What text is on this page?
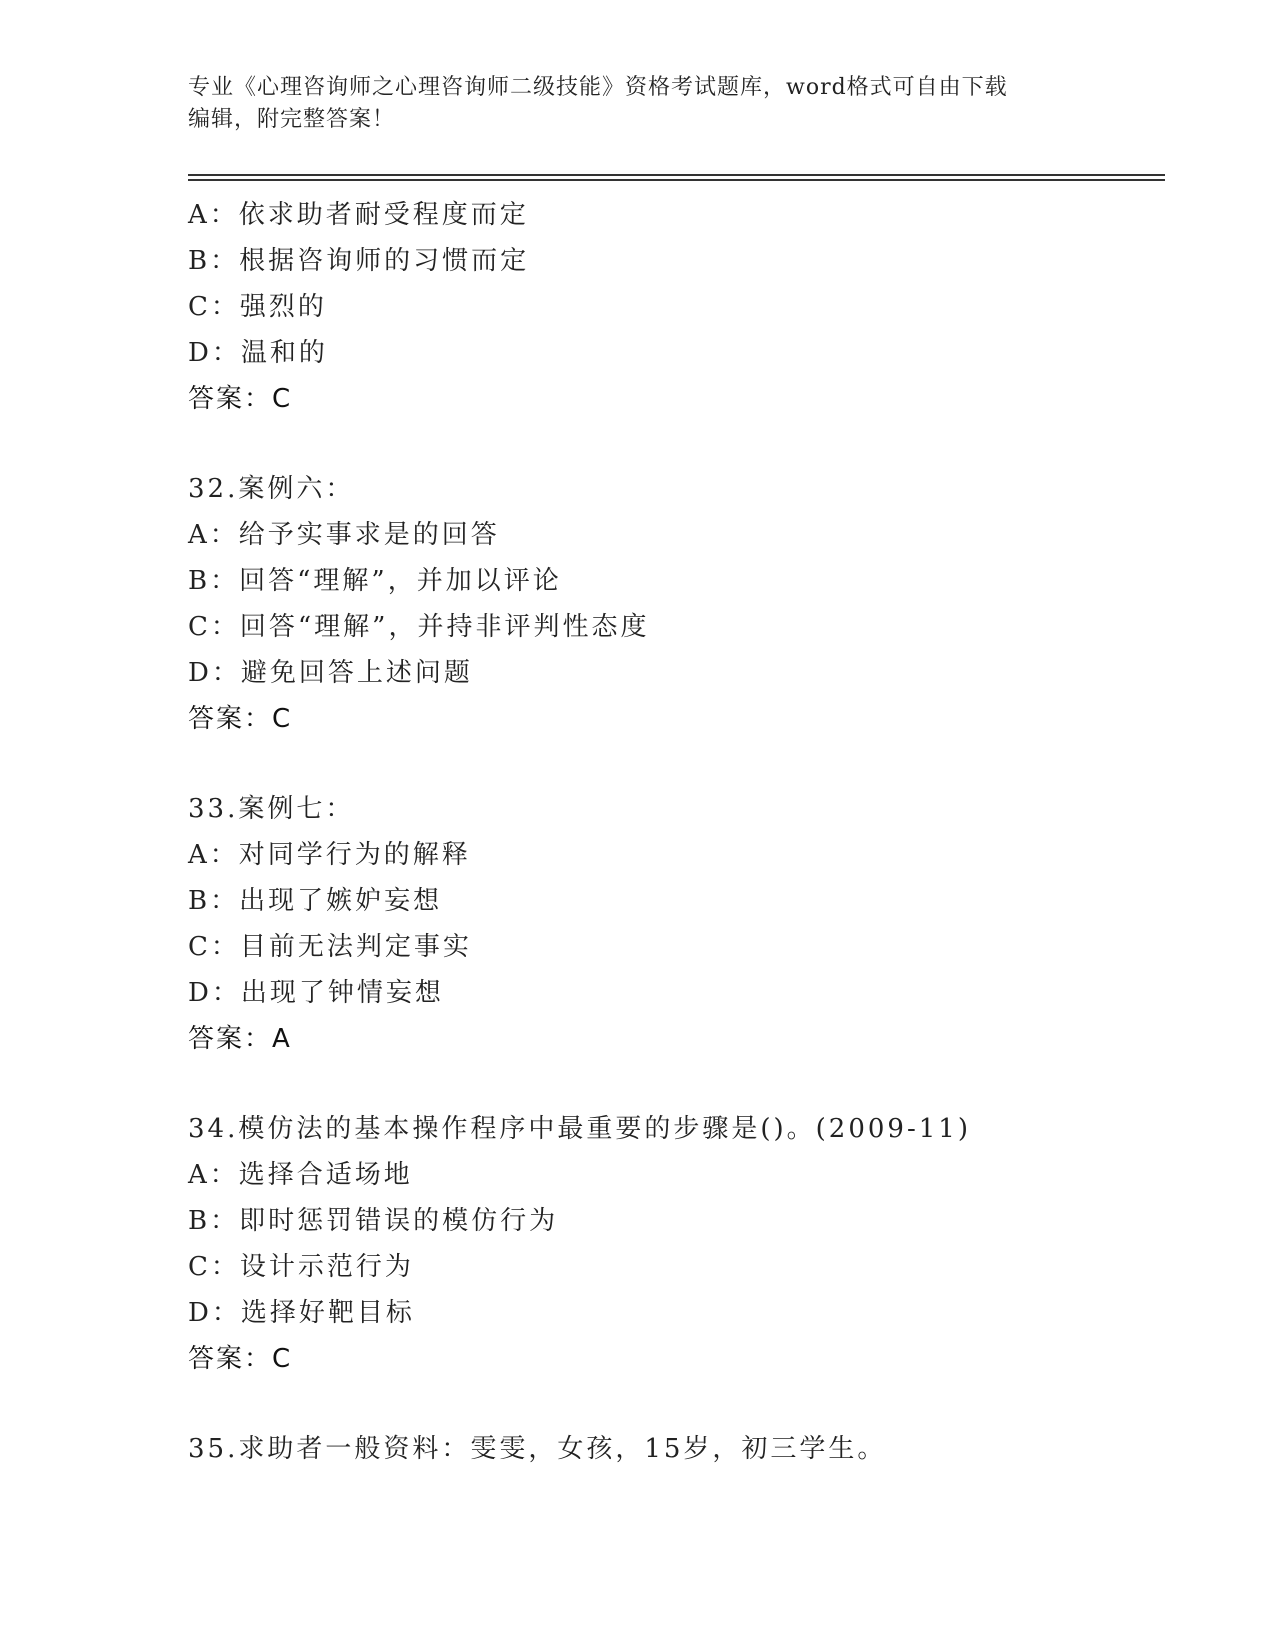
专业《心理咨询师之心理咨询师二级技能》资格考试题库，word格式可自由下载
编辑，附完整答案！
A：依求助者耐受程度而定
B：根据咨询师的习惯而定
C：强烈的
D：温和的
答案：C
32.案例六：
A：给予实事求是的回答
B：回答“理解”，并加以评论
C：回答“理解”，并持非评判性态度
D：避免回答上述问题
答案：C
33.案例七：
A：对同学行为的解释
B：出现了嫉妒妄想
C：目前无法判定事实
D：出现了钟情妄想
答案：A
34.模仿法的基本操作程序中最重要的步骤是()。(2009-11)
A：选择合适场地
B：即时惩罚错误的模仿行为
C：设计示范行为
D：选择好靶目标
答案：C
35.求助者一般资料：雯雯，女孩，15岁，初三学生。
